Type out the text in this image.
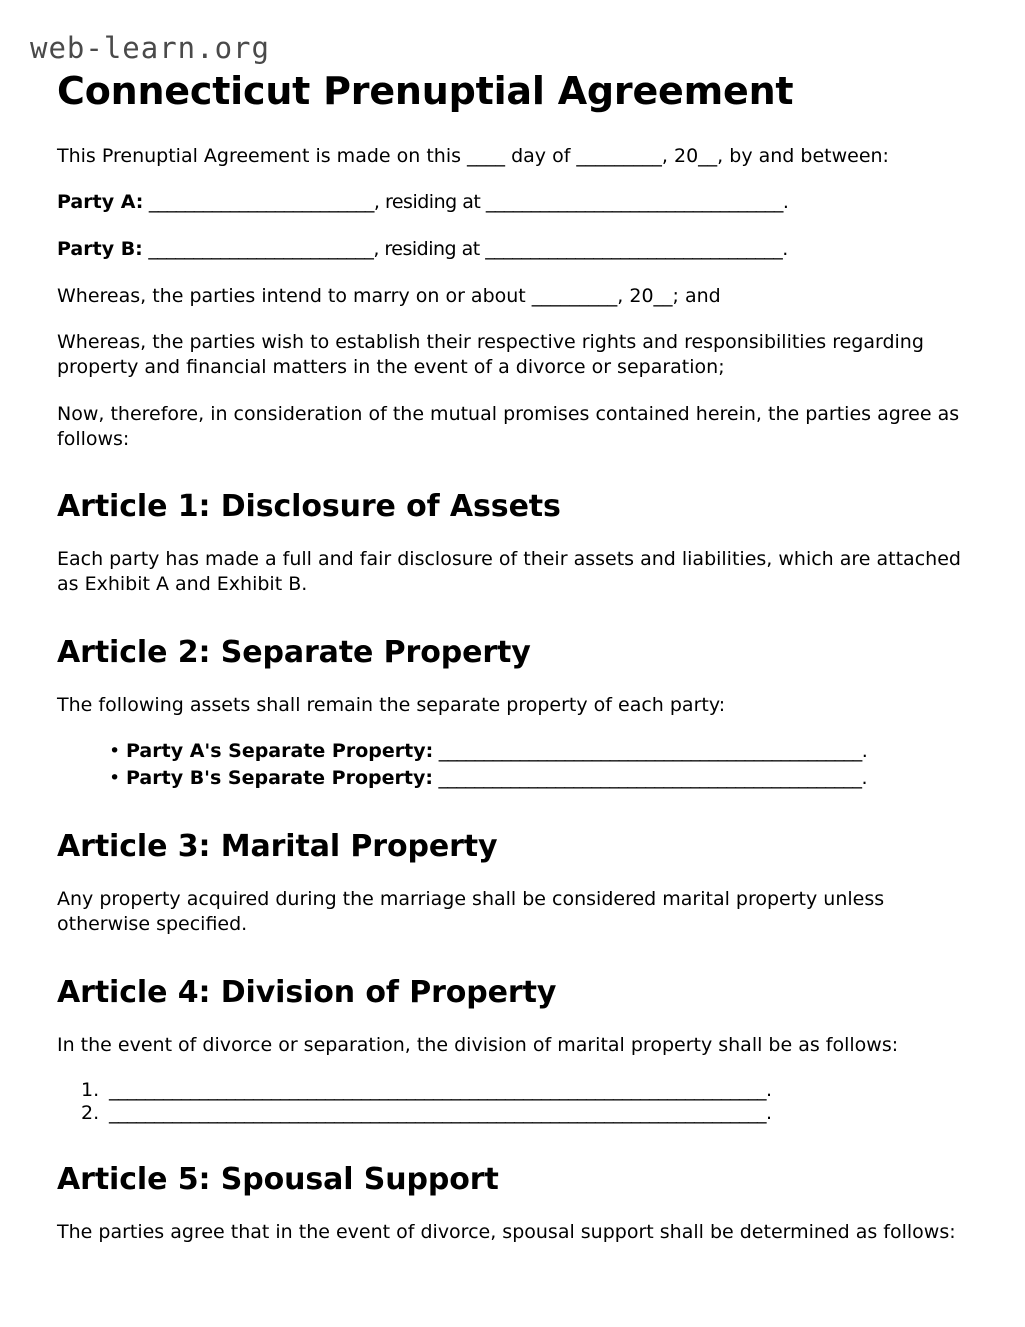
web-learn.org
Connecticut Prenuptial Agreement

This Prenuptial Agreement is made on this ____ day of _________, 20__, by and between:

Party A: _________________________, residing at _________________________________.

Party B: _________________________, residing at _________________________________.

Whereas, the parties intend to marry on or about _________, 20__; and

Whereas, the parties wish to establish their respective rights and responsibilities regarding property and financial matters in the event of a divorce or separation;

Now, therefore, in consideration of the mutual promises contained herein, the parties agree as follows:

Article 1: Disclosure of Assets

Each party has made a full and fair disclosure of their assets and liabilities, which are attached as Exhibit A and Exhibit B.

Article 2: Separate Property

The following assets shall remain the separate property of each party:

• Party A's Separate Property: _______________________________________________.
• Party B's Separate Property: _______________________________________________.
Article 3: Marital Property

Any property acquired during the marriage shall be considered marital property unless otherwise specified.

Article 4: Division of Property

In the event of divorce or separation, the division of marital property shall be as follows:

_________________________________________________________________________.
_________________________________________________________________________.
Article 5: Spousal Support

The parties agree that in the event of divorce, spousal support shall be determined as follows:
